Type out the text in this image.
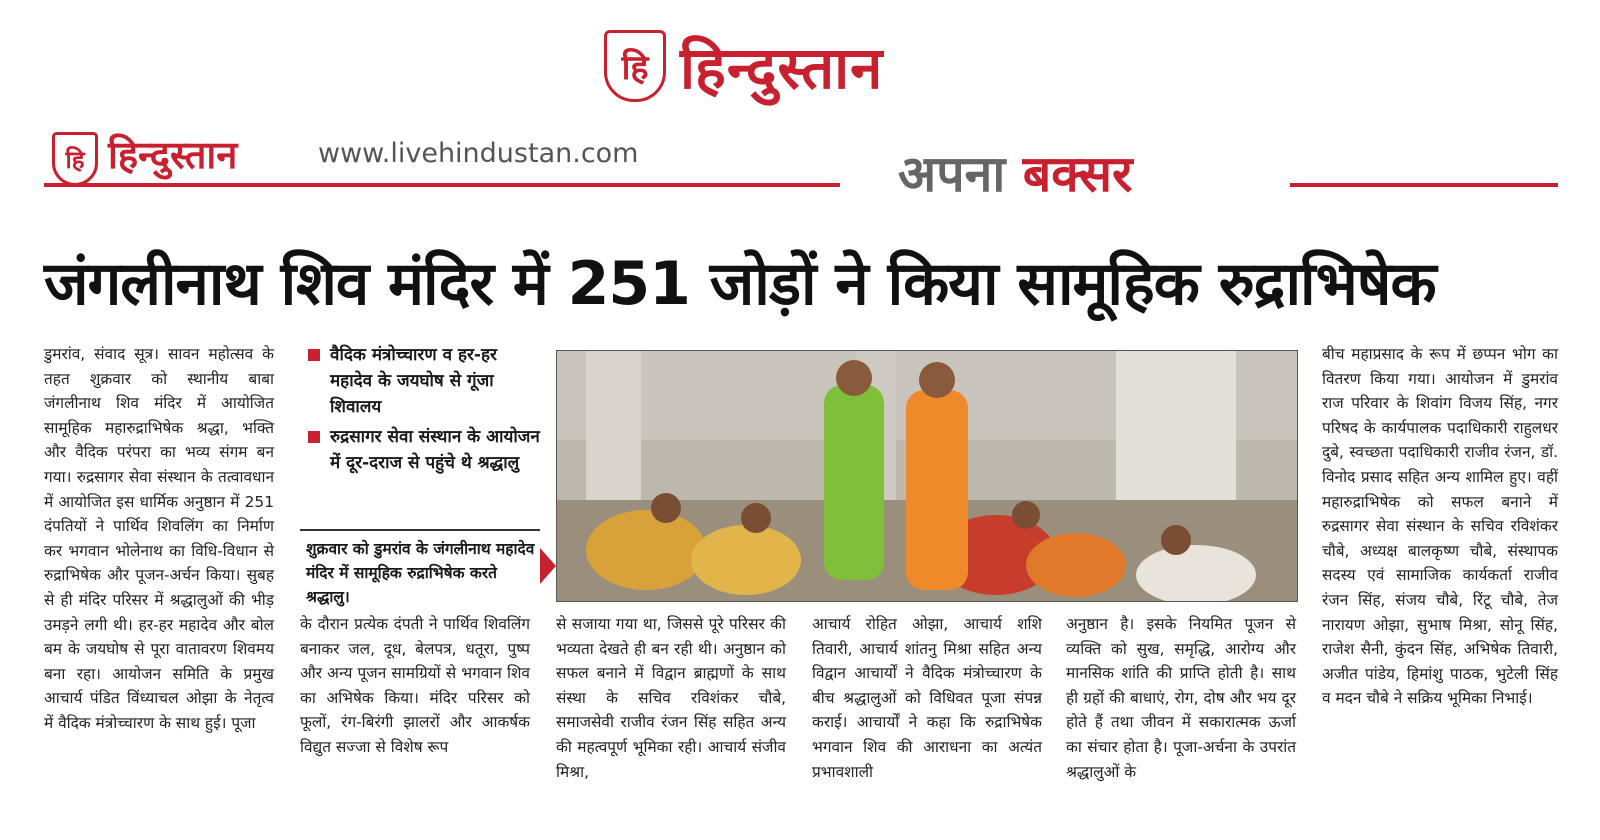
हि हिन्दुस्तान
हि हिन्दुस्तान	www.livehindustan.com	अपना बक्सर
जंगलीनाथ शिव मंदिर में 251 जोड़ों ने किया सामूहिक रुद्राभिषेक
डुमरांव, संवाद सूत्र। सावन महोत्सव के तहत शुक्रवार को स्थानीय बाबा जंगलीनाथ शिव मंदिर में आयोजित सामूहिक महारुद्राभिषेक श्रद्धा, भक्ति और वैदिक परंपरा का भव्य संगम बन गया। रुद्रसागर सेवा संस्थान के तत्वावधान में आयोजित इस धार्मिक अनुष्ठान में 251 दंपतियों ने पार्थिव शिवलिंग का निर्माण कर भगवान भोलेनाथ का विधि-विधान से रुद्राभिषेक और पूजन-अर्चन किया। सुबह से ही मंदिर परिसर में श्रद्धालुओं की भीड़ उमड़ने लगी थी। हर-हर महादेव और बोल बम के जयघोष से पूरा वातावरण शिवमय बना रहा। आयोजन समिति के प्रमुख आचार्य पंडित विंध्याचल ओझा के नेतृत्व में वैदिक मंत्रोच्चारण के साथ हुई। पूजा
वैदिक मंत्रोच्चारण व हर-हर महादेव के जयघोष से गूंजा शिवालय
रुद्रसागर सेवा संस्थान के आयोजन में दूर-दराज से पहुंचे थे श्रद्धालु
शुक्रवार को डुमरांव के जंगलीनाथ महादेव मंदिर में सामूहिक रुद्राभिषेक करते श्रद्धालु।
के दौरान प्रत्येक दंपती ने पार्थिव शिवलिंग बनाकर जल, दूध, बेलपत्र, धतूरा, पुष्प और अन्य पूजन सामग्रियों से भगवान शिव का अभिषेक किया। मंदिर परिसर को फूलों, रंग-बिरंगी झालरों और आकर्षक विद्युत सज्जा से विशेष रूप
से सजाया गया था, जिससे पूरे परिसर की भव्यता देखते ही बन रही थी। अनुष्ठान को सफल बनाने में विद्वान ब्राह्मणों के साथ संस्था के सचिव रविशंकर चौबे, समाजसेवी राजीव रंजन सिंह सहित अन्य की महत्वपूर्ण भूमिका रही। आचार्य संजीव मिश्रा,
आचार्य रोहित ओझा, आचार्य शशि तिवारी, आचार्य शांतनु मिश्रा सहित अन्य विद्वान आचार्यों ने वैदिक मंत्रोच्चारण के बीच श्रद्धालुओं को विधिवत पूजा संपन्न कराई। आचार्यों ने कहा कि रुद्राभिषेक भगवान शिव की आराधना का अत्यंत प्रभावशाली
अनुष्ठान है। इसके नियमित पूजन से व्यक्ति को सुख, समृद्धि, आरोग्य और मानसिक शांति की प्राप्ति होती है। साथ ही ग्रहों की बाधाएं, रोग, दोष और भय दूर होते हैं तथा जीवन में सकारात्मक ऊर्जा का संचार होता है। पूजा-अर्चना के उपरांत श्रद्धालुओं के
बीच महाप्रसाद के रूप में छप्पन भोग का वितरण किया गया। आयोजन में डुमरांव राज परिवार के शिवांग विजय सिंह, नगर परिषद के कार्यपालक पदाधिकारी राहुलधर दुबे, स्वच्छता पदाधिकारी राजीव रंजन, डॉ. विनोद प्रसाद सहित अन्य शामिल हुए। वहीं महारुद्राभिषेक को सफल बनाने में रुद्रसागर सेवा संस्थान के सचिव रविशंकर चौबे, अध्यक्ष बालकृष्ण चौबे, संस्थापक सदस्य एवं सामाजिक कार्यकर्ता राजीव रंजन सिंह, संजय चौबे, रिंटू चौबे, तेज नारायण ओझा, सुभाष मिश्रा, सोनू सिंह, राजेश सैनी, कुंदन सिंह, अभिषेक तिवारी, अजीत पांडेय, हिमांशु पाठक, भुटेली सिंह व मदन चौबे ने सक्रिय भूमिका निभाई।
